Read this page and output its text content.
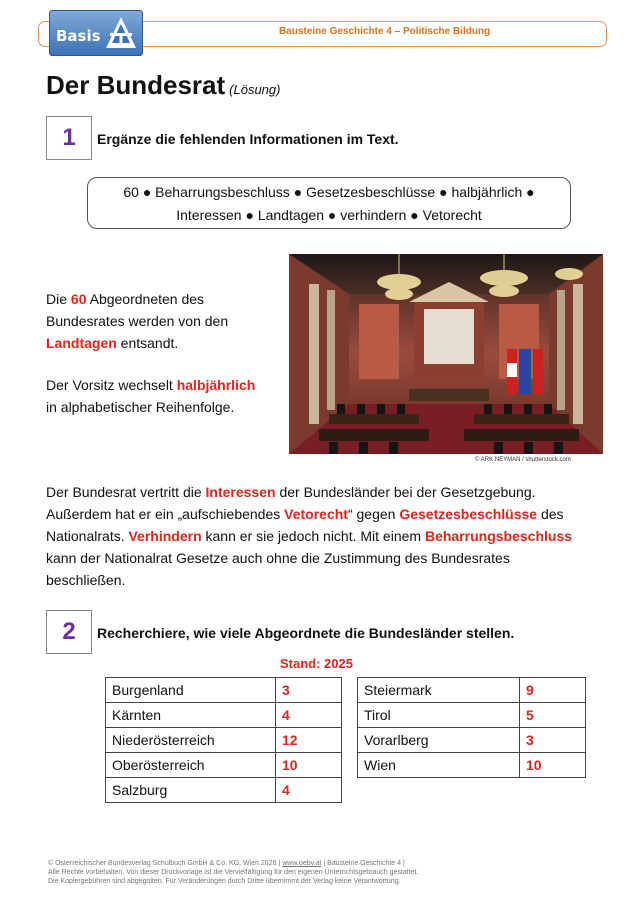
Bausteine Geschichte 4 – Politische Bildung
Basis
Der Bundesrat (Lösung)
1	Ergänze die fehlenden Informationen im Text.
60 ● Beharrungsbeschluss ● Gesetzesbeschlüsse ● halbjährlich ●
Interessen ● Landtagen ● verhindern ● Vetorecht
Die 60 Abgeordneten des
Bundesrates werden von den
Landtagen entsandt.
Der Vorsitz wechselt halbjährlich
in alphabetischer Reihenfolge.
© ARK NEYMAN / shutterstock.com
Der Bundesrat vertritt die Interessen der Bundesländer bei der Gesetzgebung.
Außerdem hat er ein „aufschiebendes Vetorecht“ gegen Gesetzesbeschlüsse des
Nationalrats. Verhindern kann er sie jedoch nicht. Mit einem Beharrungsbeschluss
kann der Nationalrat Gesetze auch ohne die Zustimmung des Bundesrates
beschließen.
2	Recherchiere, wie viele Abgeordnete die Bundesländer stellen.
Stand: 2025
Burgenland	3
Kärnten	4
Niederösterreich	12
Oberösterreich	10
Salzburg	4
Steiermark	9
Tirol	5
Vorarlberg	3
Wien	10
© Österreichischer Bundesverlag Schulbuch GmbH & Co. KG, Wien 2026 | www.oebv.at | Bausteine Geschichte 4 |
Alle Rechte vorbehalten. Von dieser Druckvorlage ist die Vervielfältigung für den eigenen Unterrichtsgebrauch gestattet.
Die Kopiergebühren sind abgegolten. Für Veränderungen durch Dritte übernimmt der Verlag keine Verantwortung.
